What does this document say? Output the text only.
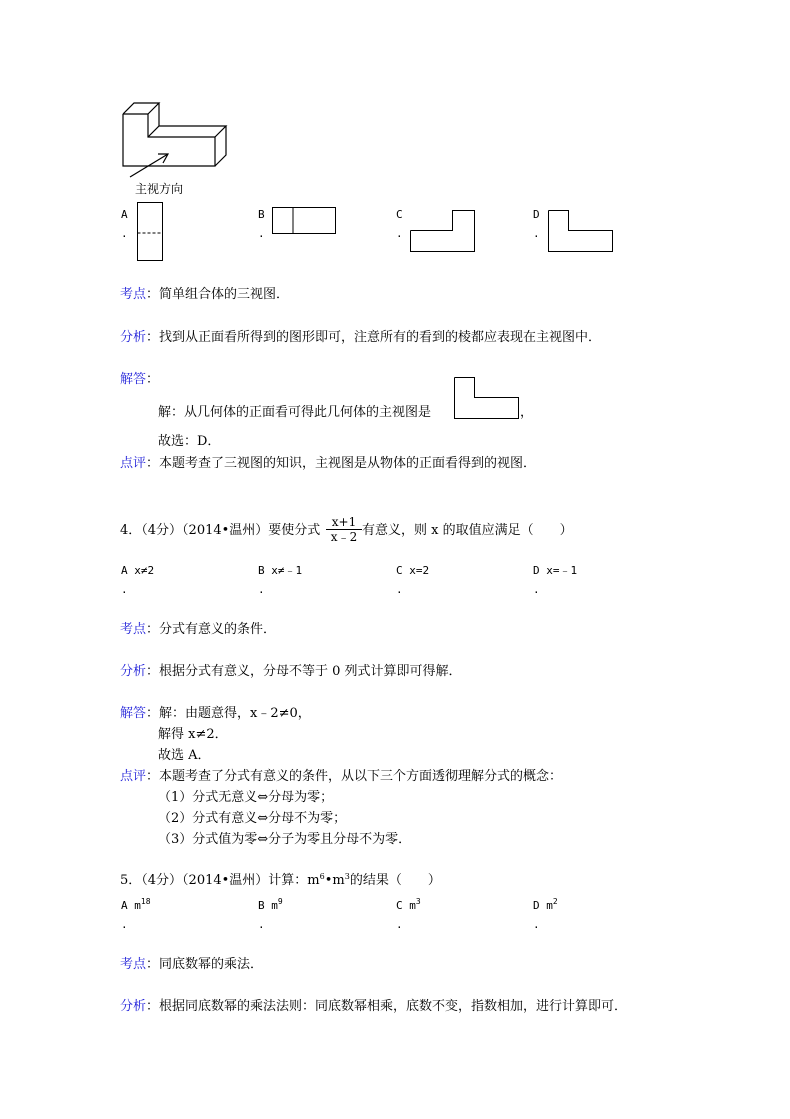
主视方向
A
.
B
.
C
.
D
.
考点：简单组合体的三视图．
分析：找到从正面看所得到的图形即可，注意所有的看到的棱都应表现在主视图中．
解答：
解：从几何体的正面看可得此几何体的主视图是	，
故选：D．
点评：本题考查了三视图的知识，主视图是从物体的正面看得到的视图．
4．（4分）（2014•温州）要使分式 $\frac{x+1}{x﹣2}$ 有意义，则 x 的取值应满足（　　）
A x≠2
.
B x≠﹣1
.
C x=2
.
D x=﹣1
.
考点：分式有意义的条件．
分析：根据分式有意义，分母不等于 0 列式计算即可得解．
解答：解：由题意得，x﹣2≠0，
解得 x≠2．
故选 A．
点评：本题考查了分式有意义的条件，从以下三个方面透彻理解分式的概念：
（1）分式无意义⇔分母为零；
（2）分式有意义⇔分母不为零；
（3）分式值为零⇔分子为零且分母不为零．
5．（4分）（2014•温州）计算：$m^6•m^3$的结果（　　）
A $m^{18}$
.
B $m^9$
.
C $m^3$
.
D $m^2$
.
考点：同底数幂的乘法．
分析：根据同底数幂的乘法法则：同底数幂相乘，底数不变，指数相加，进行计算即可．
